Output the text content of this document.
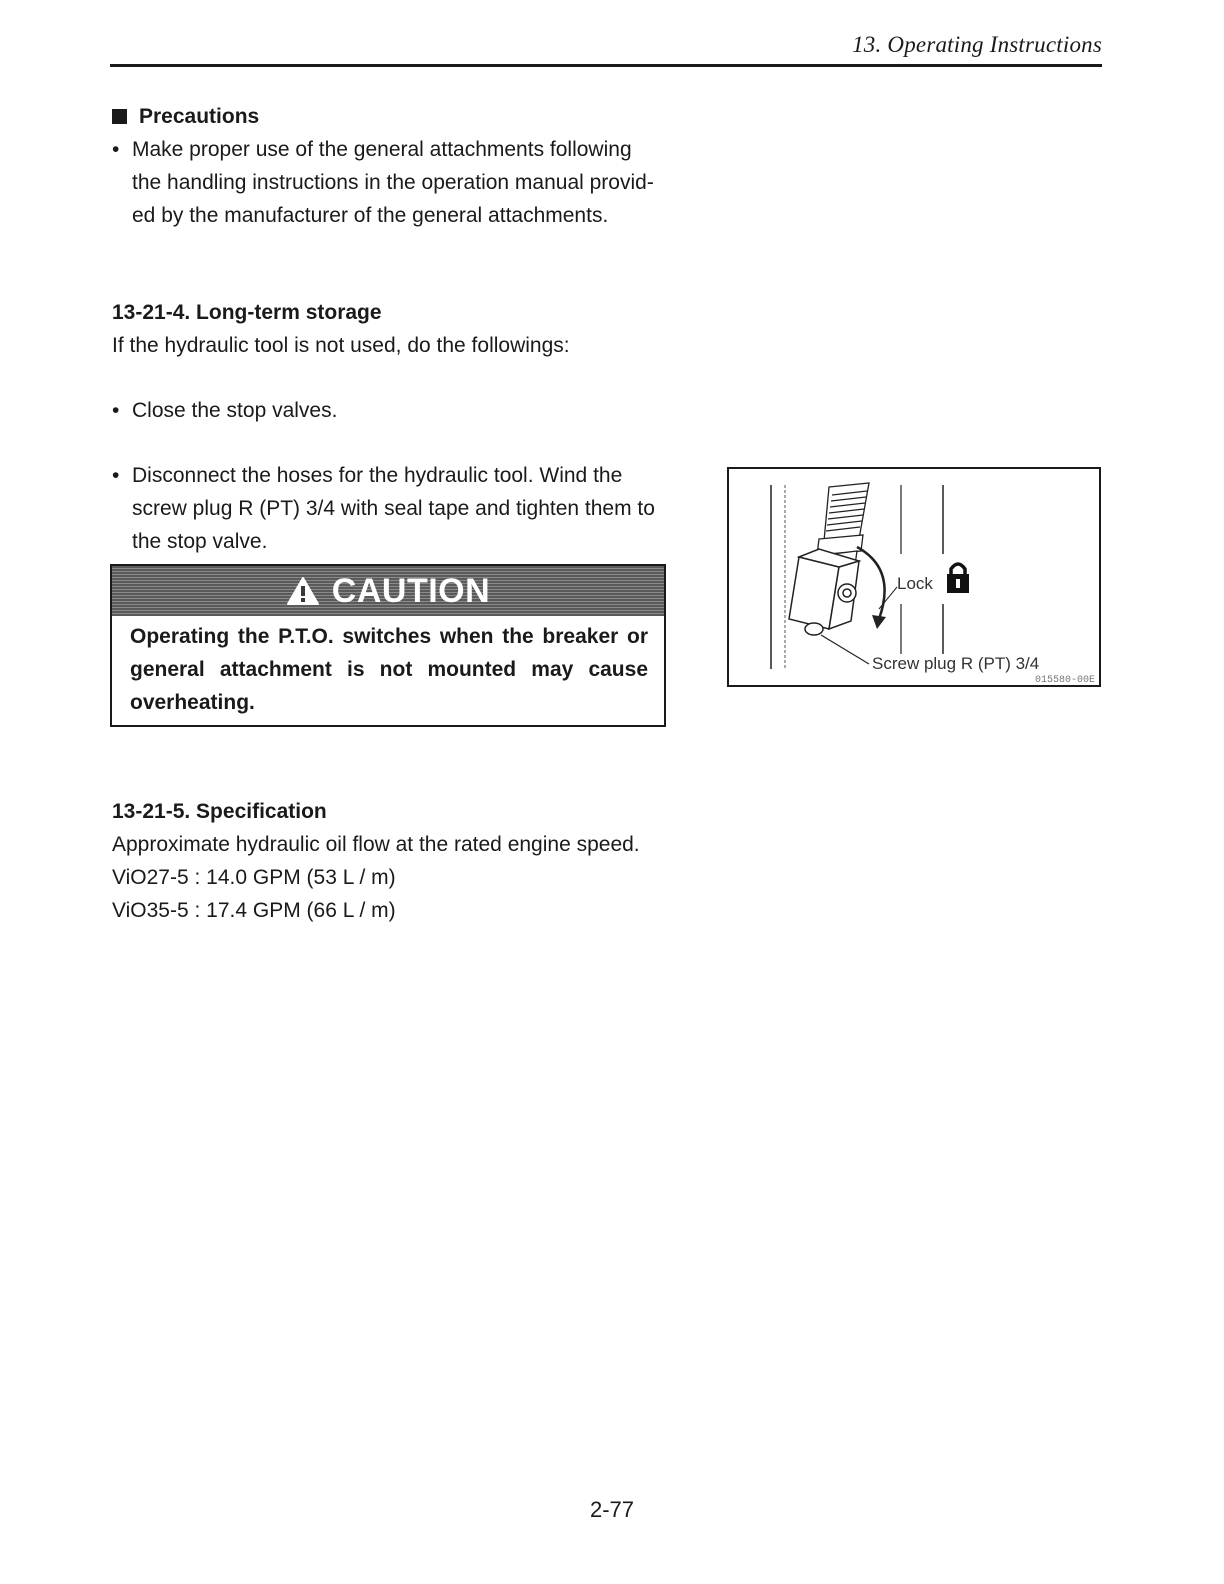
13. Operating Instructions
Precautions
• Make proper use of the general attachments following
the handling instructions in the operation manual provid-
ed by the manufacturer of the general attachments.
13-21-4. Long-term storage
If the hydraulic tool is not used, do the followings:
• Close the stop valves.
• Disconnect the hoses for the hydraulic tool. Wind the
screw plug R (PT) 3/4 with seal tape and tighten them to
the stop valve.
CAUTION
Operating the P.T.O. switches when the breaker or
general attachment is not mounted may cause
overheating.
Lock
Screw plug R (PT) 3/4
015580-00E
13-21-5. Specification
Approximate hydraulic oil flow at the rated engine speed.
ViO27-5 : 14.0 GPM (53 L / m)
ViO35-5 : 17.4 GPM (66 L / m)
2-77
